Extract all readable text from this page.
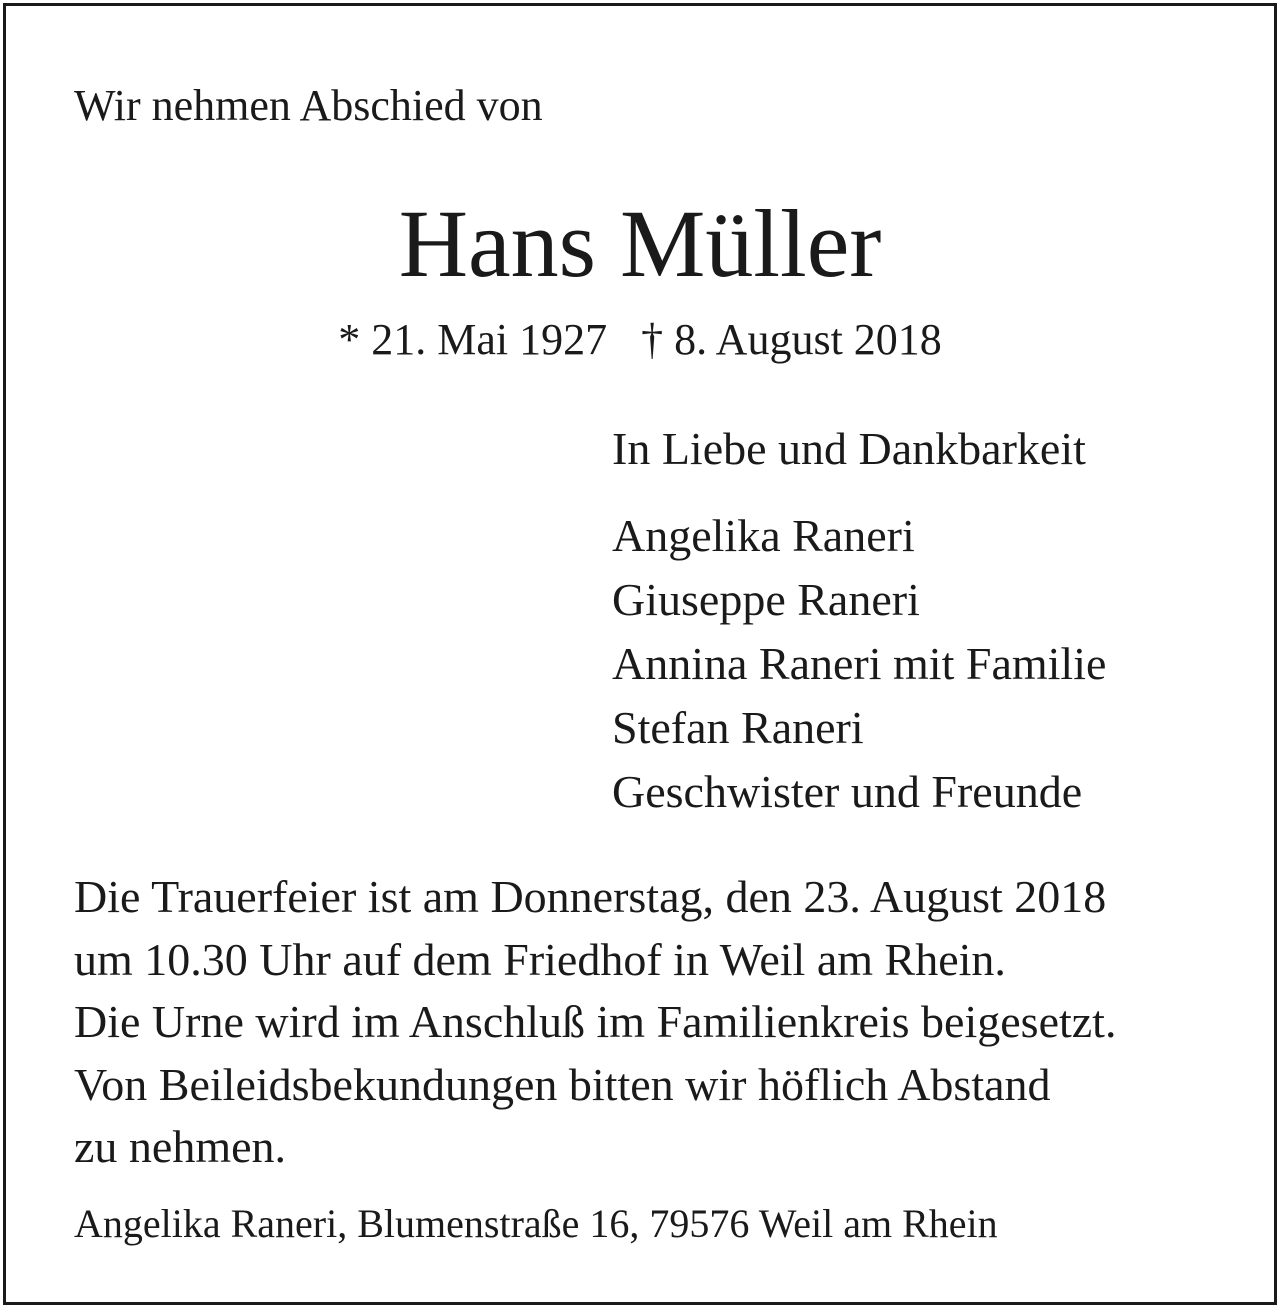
Wir nehmen Abschied von
Hans Müller
* 21. Mai 1927 † 8. August 2018
In Liebe und Dankbarkeit
Angelika Raneri
Giuseppe Raneri
Annina Raneri mit Familie
Stefan Raneri
Geschwister und Freunde
Die Trauerfeier ist am Donnerstag, den 23. August 2018
um 10.30 Uhr auf dem Friedhof in Weil am Rhein.
Die Urne wird im Anschluß im Familienkreis beigesetzt.
Von Beileidsbekundungen bitten wir höflich Abstand
zu nehmen.
Angelika Raneri, Blumenstraße 16, 79576 Weil am Rhein
